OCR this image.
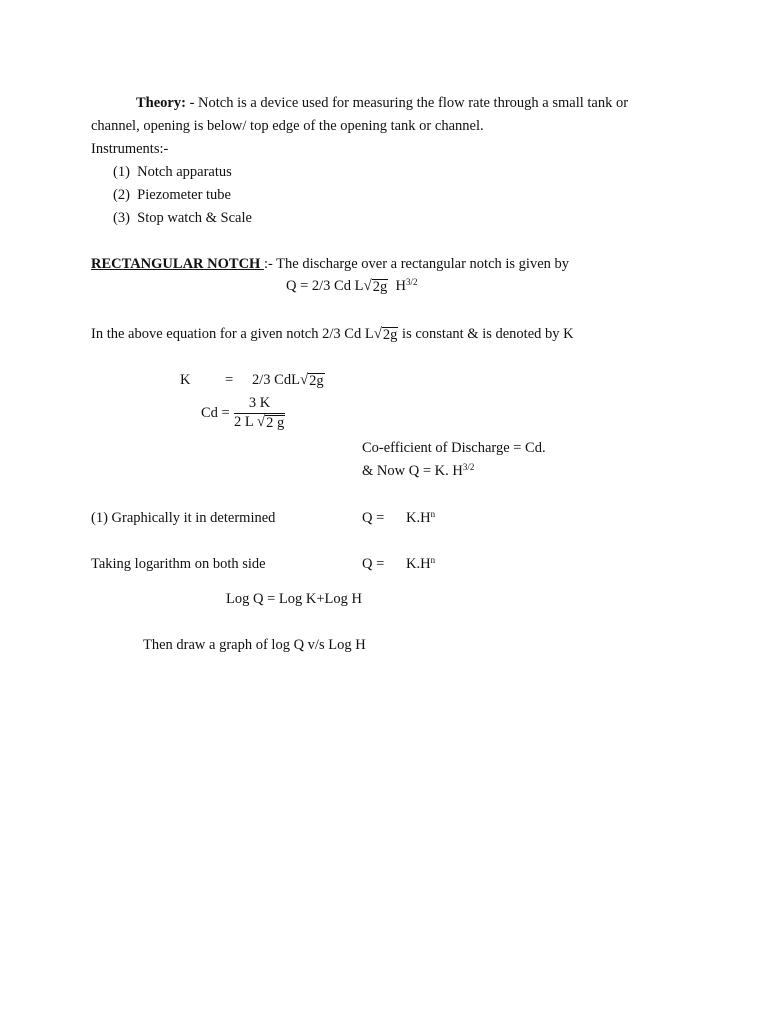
Theory: - Notch is a device used for measuring the flow rate through a small tank or
channel, opening is below/ top edge of the opening tank or channel.
Instruments:-
(1) Notch apparatus
(2) Piezometer tube
(3) Stop watch & Scale
RECTANGULAR NOTCH :- The discharge over a rectangular notch is given by
Q = 2/3 Cd L √ 2g $H^{3/2}$
In the above equation for a given notch 2/3 Cd L √ 2g is constant & is denoted by K
K = 2/3 CdL √ 2g
$Cd = \frac{3 K}{2 L √ 2 g}$
Co-efficient of Discharge = Cd.
& Now Q = K. $H^{3/2}$
(1) Graphically it in determined	$Q = K.H^n$
Taking logarithm on both side	$Q = K.H^n$
Log Q = Log K+Log H
Then draw a graph of log Q v/s Log H
